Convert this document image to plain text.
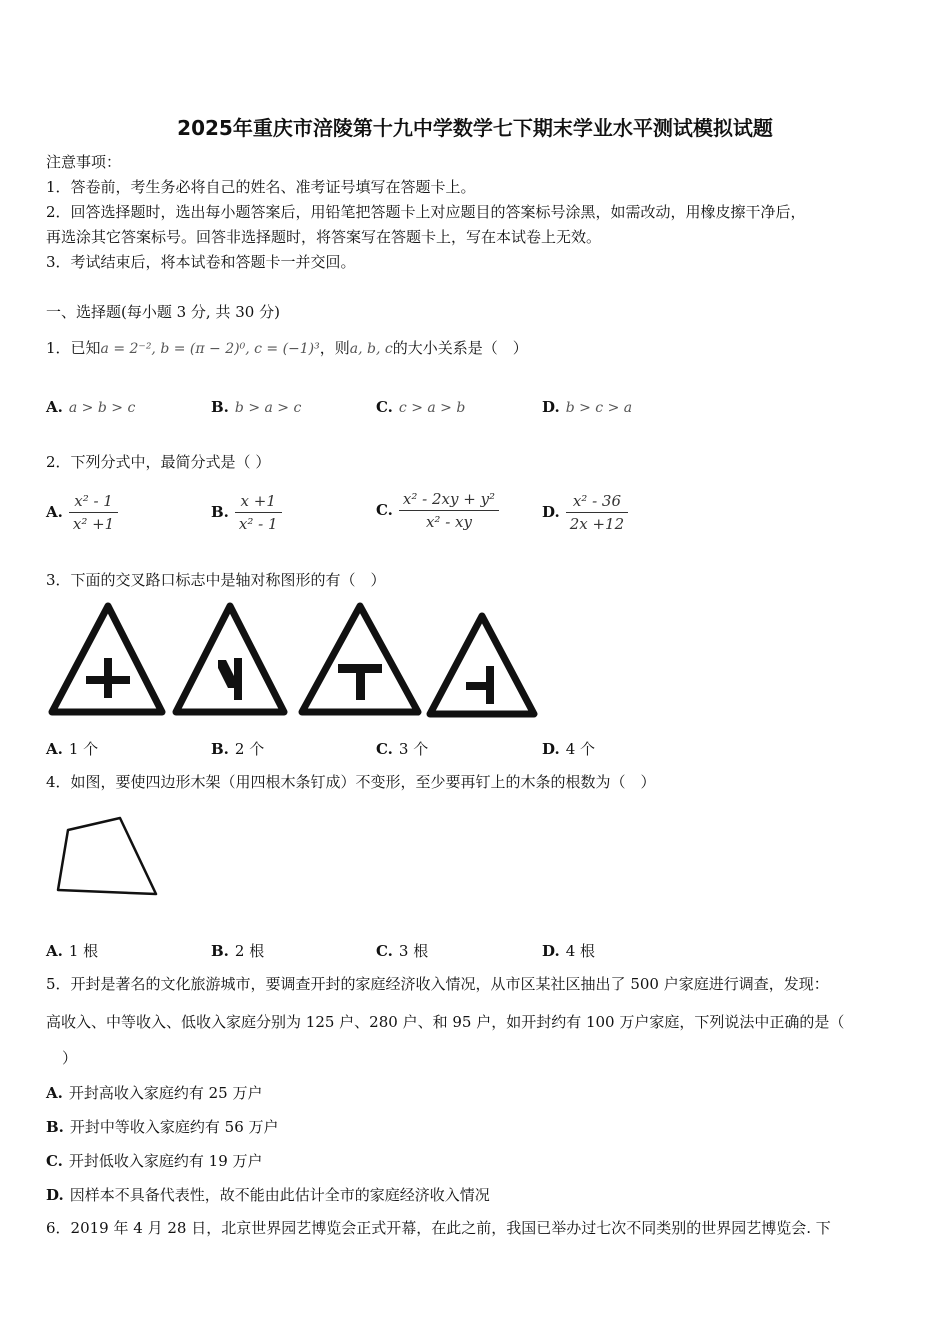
2025年重庆市涪陵第十九中学数学七下期末学业水平测试模拟试题
注意事项：
1．答卷前，考生务必将自己的姓名、准考证号填写在答题卡上。
2．回答选择题时，选出每小题答案后，用铅笔把答题卡上对应题目的答案标号涂黑，如需改动，用橡皮擦干净后，
再选涂其它答案标号。回答非选择题时，将答案写在答题卡上，写在本试卷上无效。
3．考试结束后，将本试卷和答题卡一并交回。
一、选择题(每小题 3 分, 共 30 分)
1．已知a = 2⁻², b = (π − 2)⁰, c = (−1)³，则a, b, c的大小关系是（　）
A. a > b > c	B. b > a > c	C. c > a > b	D. b > c > a
2．下列分式中，最简分式是（ ）
A. $\frac{\text{x² - 1}}{\text{x² +1}}$	B. $\frac{x +1}{\text{x² - 1}}$	C. $\frac{\text{x² - 2xy + y²}}{\text{x² - xy}}$	D. $\frac{\text{x² - 36}}{2x +12}$
3．下面的交叉路口标志中是轴对称图形的有（　）
A. 1 个	B. 2 个	C. 3 个	D. 4 个
4．如图，要使四边形木架（用四根木条钉成）不变形，至少要再钉上的木条的根数为（　）
A. 1 根	B. 2 根	C. 3 根	D. 4 根
5．开封是著名的文化旅游城市，要调查开封的家庭经济收入情况，从市区某社区抽出了 500 户家庭进行调查，发现：
高收入、中等收入、低收入家庭分别为 125 户、280 户、和 95 户，如开封约有 100 万户家庭，下列说法中正确的是（
）
A. 开封高收入家庭约有 25 万户
B. 开封中等收入家庭约有 56 万户
C. 开封低收入家庭约有 19 万户
D. 因样本不具备代表性，故不能由此估计全市的家庭经济收入情况
6．2019 年 4 月 28 日，北京世界园艺博览会正式开幕，在此之前，我国已举办过七次不同类别的世界园艺博览会. 下
